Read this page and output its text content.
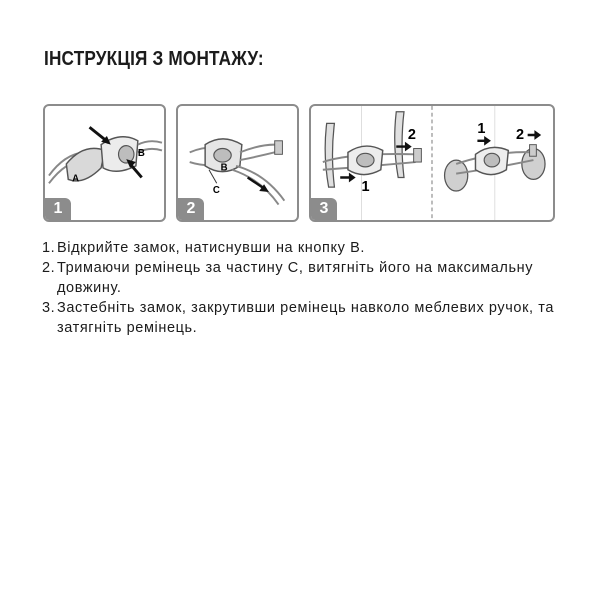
ІНСТРУКЦІЯ З МОНТАЖУ:
A
B
1
B
C
2
2
1
1 2
3
1. Відкрийте замок, натиснувши на кнопку B.
2. Тримаючи ремінець за частину C, витягніть його на максимальну довжину.
3. Застебніть замок, закрутивши ремінець навколо меблевих ручок, та затягніть ремінець.
